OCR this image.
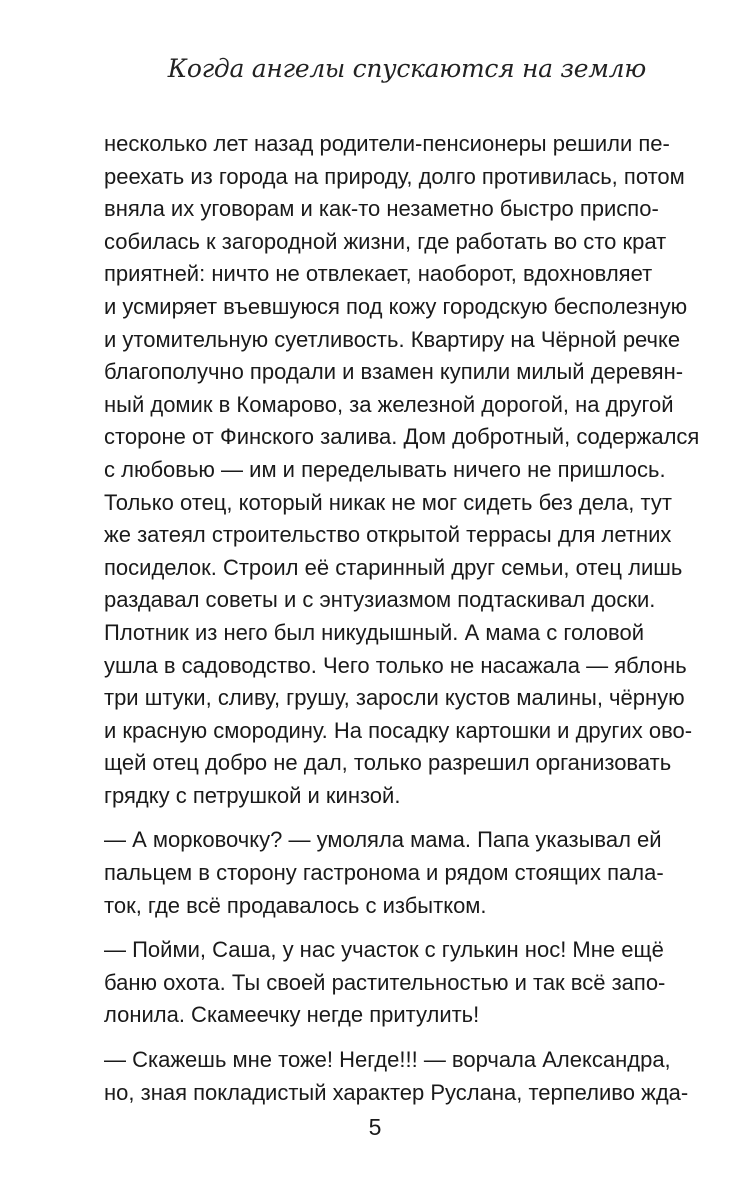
Когда ангелы спускаются на землю
несколько лет назад родители-пенсионеры решили пе-
реехать из города на природу, долго противилась, потом
вняла их уговорам и как-то незаметно быстро приспо-
собилась к загородной жизни, где работать во сто крат
приятней: ничто не отвлекает, наоборот, вдохновляет
и усмиряет въевшуюся под кожу городскую бесполезную
и утомительную суетливость. Квартиру на Чёрной речке
благополучно продали и взамен купили милый деревян-
ный домик в Комарово, за железной дорогой, на другой
стороне от Финского залива. Дом добротный, содержался
с любовью — им и переделывать ничего не пришлось.
Только отец, который никак не мог сидеть без дела, тут
же затеял строительство открытой террасы для летних
посиделок. Строил её старинный друг семьи, отец лишь
раздавал советы и с энтузиазмом подтаскивал доски.
Плотник из него был никудышный. А мама с головой
ушла в садоводство. Чего только не насажала — яблонь
три штуки, сливу, грушу, заросли кустов малины, чёрную
и красную смородину. На посадку картошки и других ово-
щей отец добро не дал, только разрешил организовать
грядку с петрушкой и кинзой.
— А морковочку? — умоляла мама. Папа указывал ей
пальцем в сторону гастронома и рядом стоящих пала-
ток, где всё продавалось с избытком.
— Пойми, Саша, у нас участок с гулькин нос! Мне ещё
баню охота. Ты своей растительностью и так всё запо-
лонила. Скамеечку негде притулить!
— Скажешь мне тоже! Негде!!! — ворчала Александра,
но, зная покладистый характер Руслана, терпеливо жда-
5
